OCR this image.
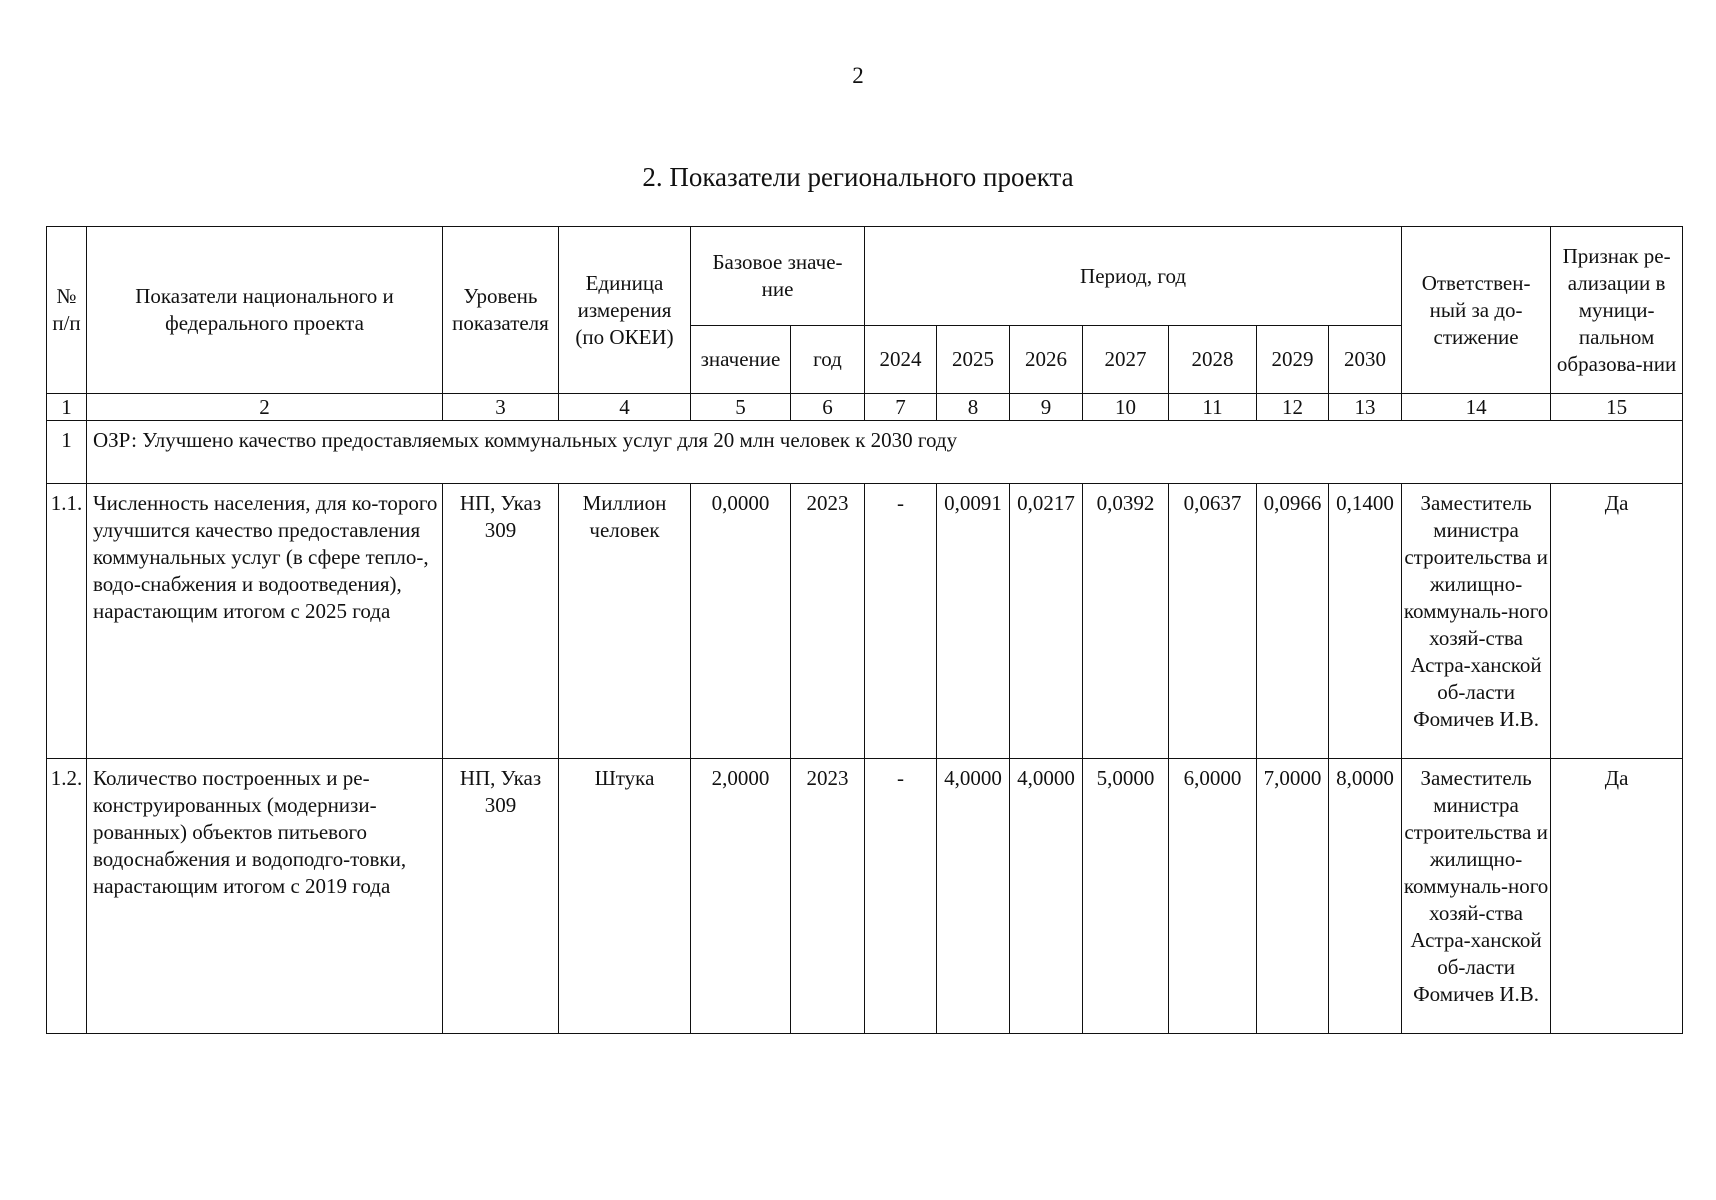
2
2. Показатели регионального проекта
№ п/п	Показатели национального и федерального проекта	Уровень показателя	Единица измерения (по ОКЕИ)	Базовое значе-ние		Период, год							Ответствен-ный за до-стижение	Признак ре-ализации в муници-пальном образова-нии
				значение	год	2024	2025	2026	2027	2028	2029	2030		
1	2	3	4	5	6	7	8	9	10	11	12	13	14	15
1	ОЗР: Улучшено качество предоставляемых коммунальных услуг для 20 млн человек к 2030 году													
1.1.	Численность населения, для ко-торого улучшится качество предоставления коммунальных услуг (в сфере тепло-, водо-снабжения и водоотведения), нарастающим итогом с 2025 года	НП, Указ 309	Миллион человек	0,0000	2023	-	0,0091	0,0217	0,0392	0,0637	0,0966	0,1400	Заместитель министра строительства и жилищно-коммуналь-ного хозяй-ства Астра-ханской об-ласти Фомичев И.В.	Да
1.2.	Количество построенных и ре-конструированных (модернизи-рованных) объектов питьевого водоснабжения и водоподго-товки, нарастающим итогом с 2019 года	НП, Указ 309	Штука	2,0000	2023	-	4,0000	4,0000	5,0000	6,0000	7,0000	8,0000	Заместитель министра строительства и жилищно-коммуналь-ного хозяй-ства Астра-ханской об-ласти Фомичев И.В.	Да
